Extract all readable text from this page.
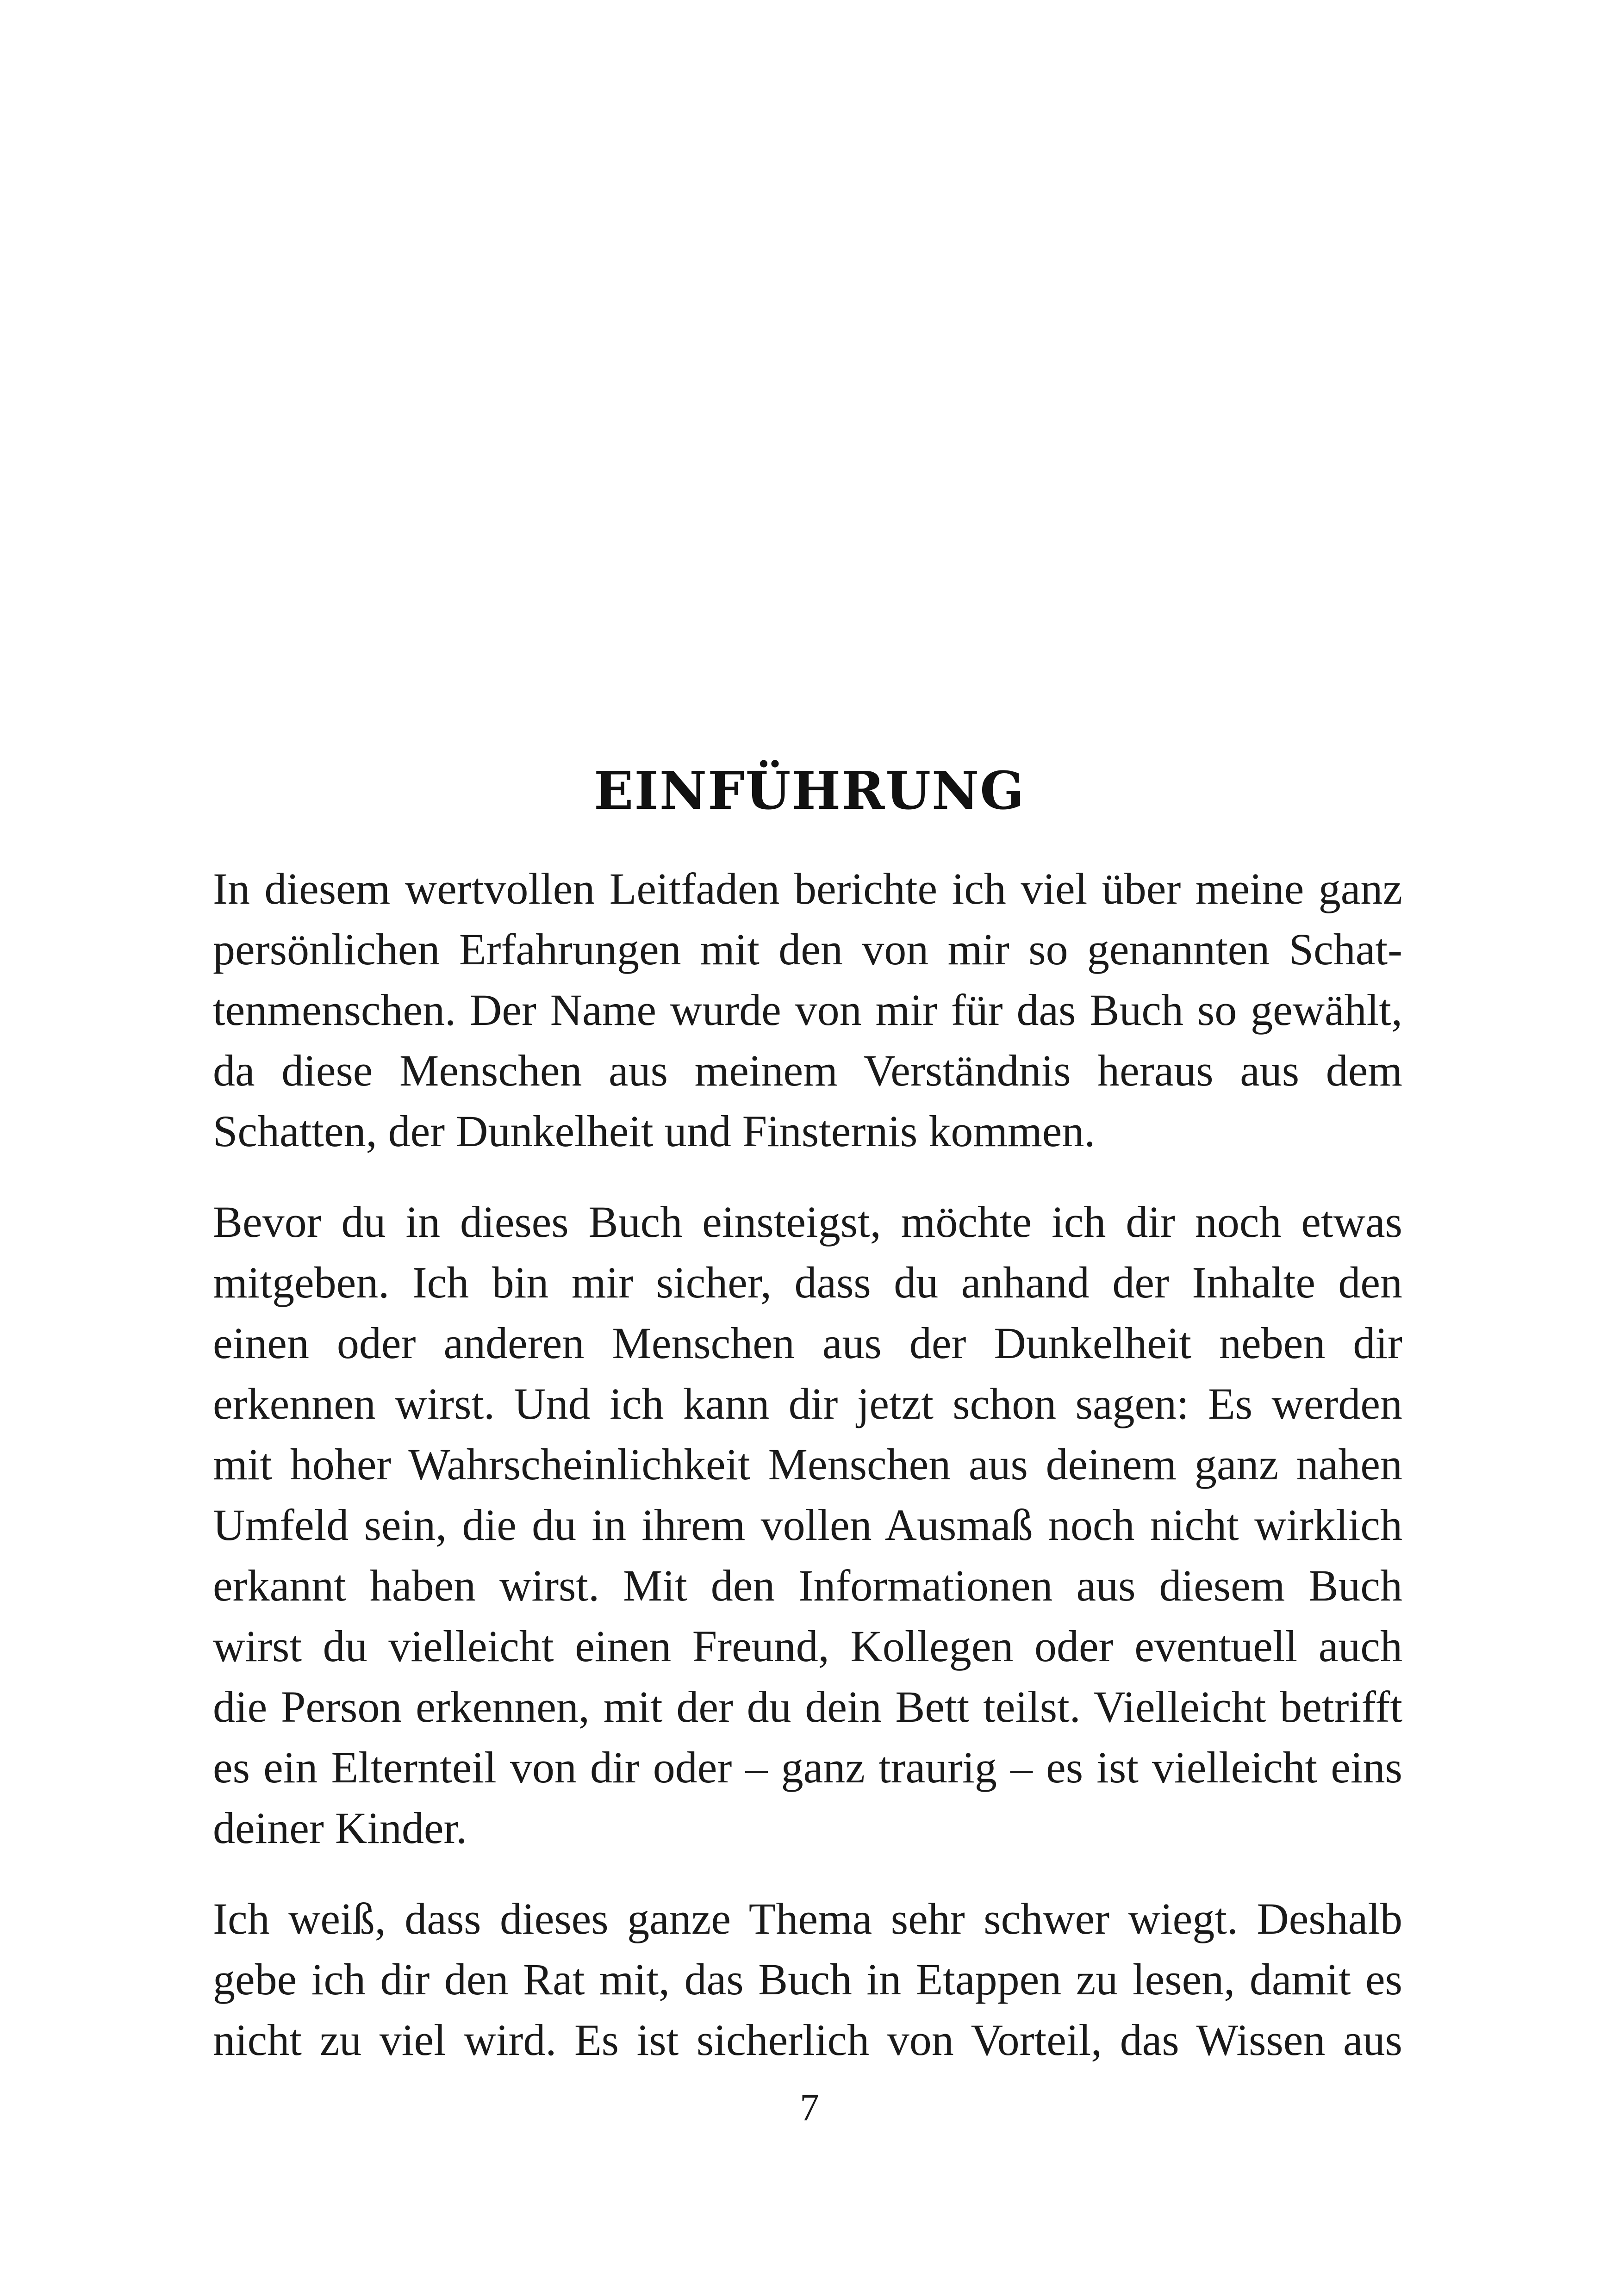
EINFÜHRUNG
In diesem wertvollen Leitfaden berichte ich viel über meine ganz
persönlichen Erfahrungen mit den von mir so genannten Schat-
tenmenschen. Der Name wurde von mir für das Buch so gewählt,
da diese Menschen aus meinem Verständnis heraus aus dem
Schatten, der Dunkelheit und Finsternis kommen.
Bevor du in dieses Buch einsteigst, möchte ich dir noch etwas
mitgeben. Ich bin mir sicher, dass du anhand der Inhalte den
einen oder anderen Menschen aus der Dunkelheit neben dir
erkennen wirst. Und ich kann dir jetzt schon sagen: Es werden
mit hoher Wahrscheinlichkeit Menschen aus deinem ganz nahen
Umfeld sein, die du in ihrem vollen Ausmaß noch nicht wirklich
erkannt haben wirst. Mit den Informationen aus diesem Buch
wirst du vielleicht einen Freund, Kollegen oder eventuell auch
die Person erkennen, mit der du dein Bett teilst. Vielleicht betrifft
es ein Elternteil von dir oder – ganz traurig – es ist vielleicht eins
deiner Kinder.
Ich weiß, dass dieses ganze Thema sehr schwer wiegt. Deshalb
gebe ich dir den Rat mit, das Buch in Etappen zu lesen, damit es
nicht zu viel wird. Es ist sicherlich von Vorteil, das Wissen aus
7
